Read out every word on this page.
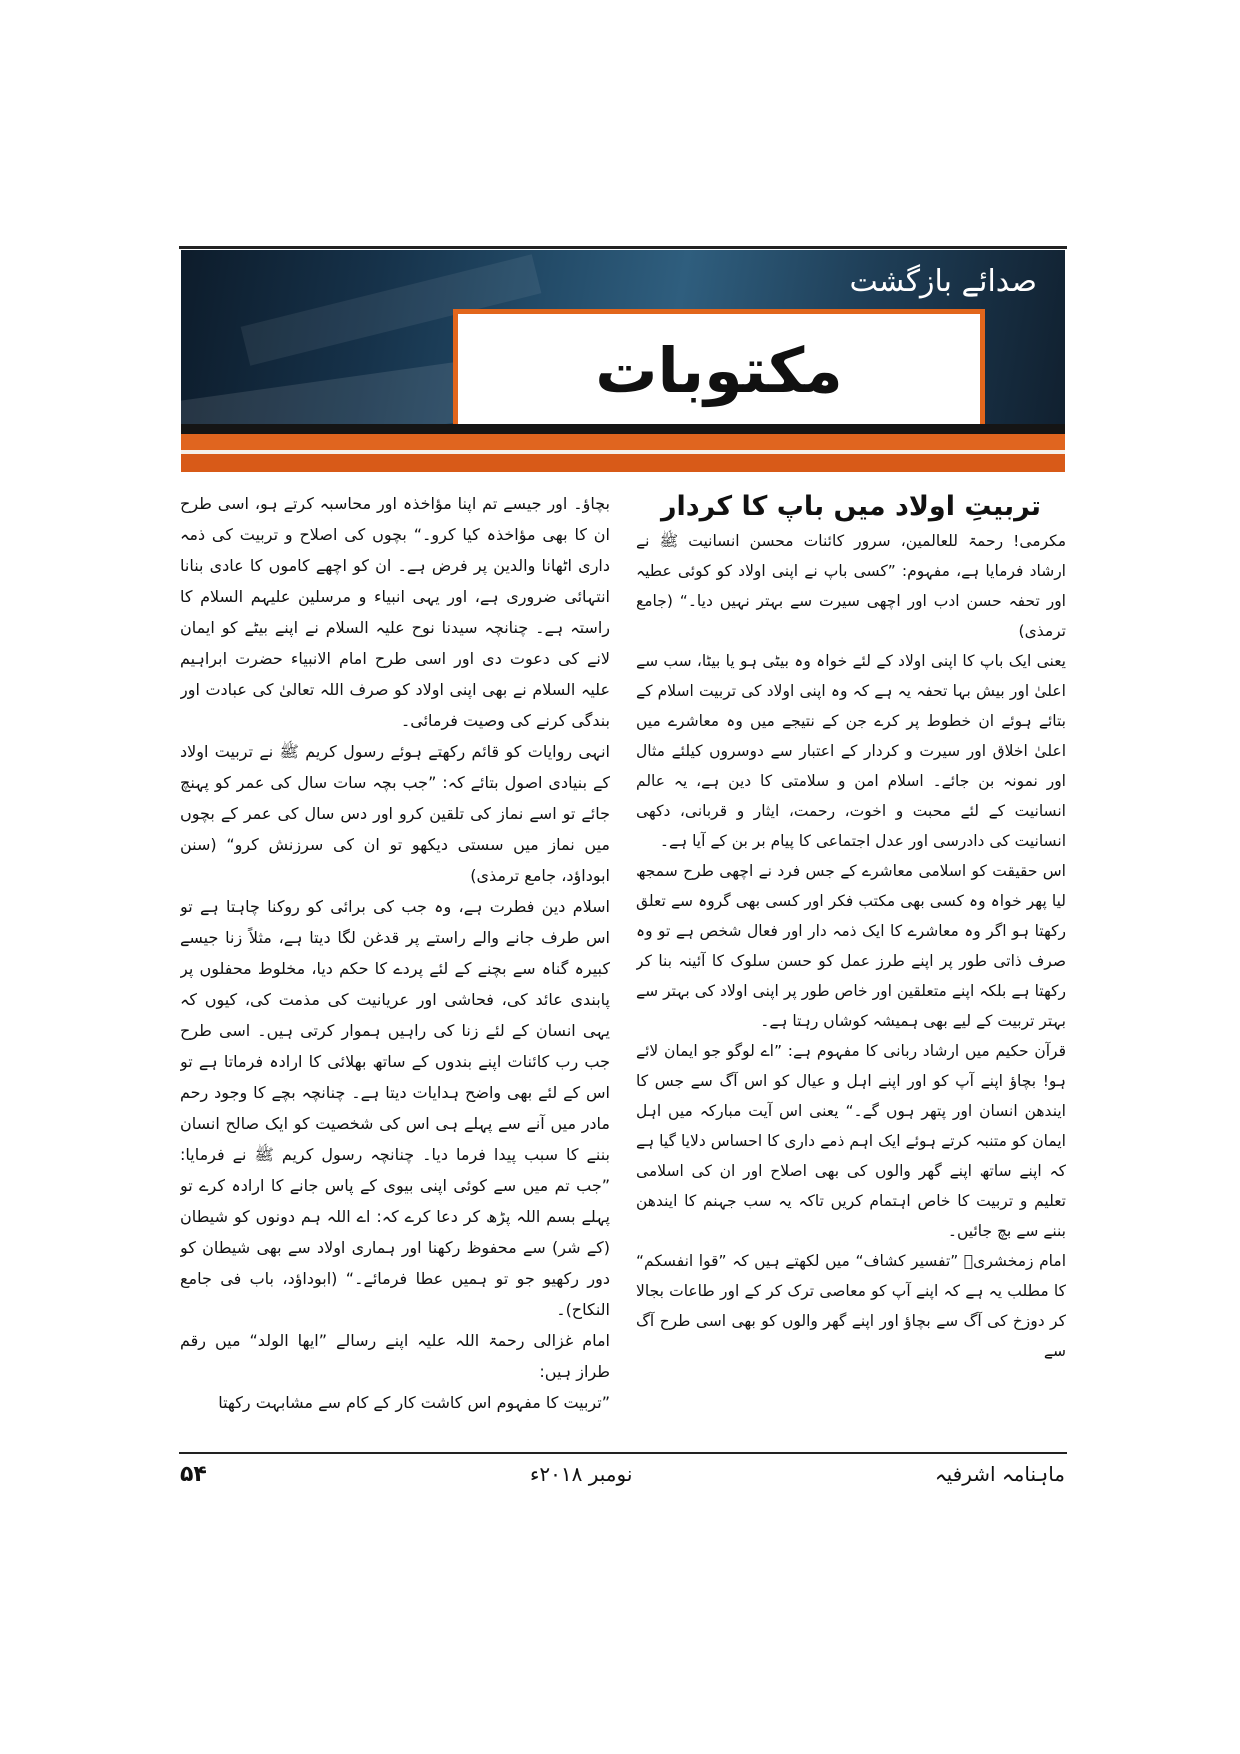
صدائے بازگشت
مکتوبات

تربیتِ اولاد میں باپ کا کردار

مکرمی! رحمۃ للعالمین، سرور کائنات محسن انسانیت ﷺ نے ارشاد فرمایا ہے، مفہوم: ”کسی باپ نے اپنی اولاد کو کوئی عطیہ اور تحفہ حسن ادب اور اچھی سیرت سے بہتر نہیں دیا۔“ (جامع ترمذی)

یعنی ایک باپ کا اپنی اولاد کے لئے خواہ وہ بیٹی ہو یا بیٹا، سب سے اعلیٰ اور بیش بہا تحفہ یہ ہے کہ وہ اپنی اولاد کی تربیت اسلام کے بتائے ہوئے ان خطوط پر کرے جن کے نتیجے میں وہ معاشرے میں اعلیٰ اخلاق اور سیرت و کردار کے اعتبار سے دوسروں کیلئے مثال اور نمونہ بن جائے۔ اسلام امن و سلامتی کا دین ہے، یہ عالم انسانیت کے لئے محبت و اخوت، رحمت، ایثار و قربانی، دکھی انسانیت کی دادرسی اور عدل اجتماعی کا پیام بر بن کے آیا ہے۔

اس حقیقت کو اسلامی معاشرے کے جس فرد نے اچھی طرح سمجھ لیا پھر خواہ وہ کسی بھی مکتب فکر اور کسی بھی گروہ سے تعلق رکھتا ہو اگر وہ معاشرے کا ایک ذمہ دار اور فعال شخص ہے تو وہ صرف ذاتی طور پر اپنے طرز عمل کو حسن سلوک کا آئینہ بنا کر رکھتا ہے بلکہ اپنے متعلقین اور خاص طور پر اپنی اولاد کی بہتر سے بہتر تربیت کے لیے بھی ہمیشہ کوشاں رہتا ہے۔

قرآن حکیم میں ارشاد ربانی کا مفہوم ہے: ”اے لوگو جو ایمان لائے ہو! بچاؤ اپنے آپ کو اور اپنے اہل و عیال کو اس آگ سے جس کا ایندھن انسان اور پتھر ہوں گے۔“ یعنی اس آیت مبارکہ میں اہل ایمان کو متنبہ کرتے ہوئے ایک اہم ذمے داری کا احساس دلایا گیا ہے کہ اپنے ساتھ اپنے گھر والوں کی بھی اصلاح اور ان کی اسلامی تعلیم و تربیت کا خاص اہتمام کریں تاکہ یہ سب جہنم کا ایندھن بننے سے بچ جائیں۔

امام زمخشریؒ ”تفسیر کشاف“ میں لکھتے ہیں کہ ”قوا انفسکم“ کا مطلب یہ ہے کہ اپنے آپ کو معاصی ترک کر کے اور طاعات بجالا کر دوزخ کی آگ سے بچاؤ اور اپنے گھر والوں کو بھی اسی طرح آگ سے

بچاؤ۔ اور جیسے تم اپنا مؤاخذہ اور محاسبہ کرتے ہو، اسی طرح ان کا بھی مؤاخذہ کیا کرو۔“ بچوں کی اصلاح و تربیت کی ذمہ داری اٹھانا والدین پر فرض ہے۔ ان کو اچھے کاموں کا عادی بنانا انتہائی ضروری ہے، اور یہی انبیاء و مرسلین علیہم السلام کا راستہ ہے۔ چنانچہ سیدنا نوح علیہ السلام نے اپنے بیٹے کو ایمان لانے کی دعوت دی اور اسی طرح امام الانبیاء حضرت ابراہیم علیہ السلام نے بھی اپنی اولاد کو صرف اللہ تعالیٰ کی عبادت اور بندگی کرنے کی وصیت فرمائی۔

انہی روایات کو قائم رکھتے ہوئے رسول کریم ﷺ نے تربیت اولاد کے بنیادی اصول بتائے کہ: ”جب بچہ سات سال کی عمر کو پہنچ جائے تو اسے نماز کی تلقین کرو اور دس سال کی عمر کے بچوں میں نماز میں سستی دیکھو تو ان کی سرزنش کرو“ (سنن ابوداؤد، جامع ترمذی)

اسلام دین فطرت ہے، وہ جب کی برائی کو روکنا چاہتا ہے تو اس طرف جانے والے راستے پر قدغن لگا دیتا ہے، مثلاً زنا جیسے کبیرہ گناہ سے بچنے کے لئے پردے کا حکم دیا، مخلوط محفلوں پر پابندی عائد کی، فحاشی اور عریانیت کی مذمت کی، کیوں کہ یہی انسان کے لئے زنا کی راہیں ہموار کرتی ہیں۔ اسی طرح جب رب کائنات اپنے بندوں کے ساتھ بھلائی کا ارادہ فرماتا ہے تو اس کے لئے بھی واضح ہدایات دیتا ہے۔ چنانچہ بچے کا وجود رحم مادر میں آنے سے پہلے ہی اس کی شخصیت کو ایک صالح انسان بننے کا سبب پیدا فرما دیا۔ چنانچہ رسول کریم ﷺ نے فرمایا: ”جب تم میں سے کوئی اپنی بیوی کے پاس جانے کا ارادہ کرے تو پہلے بسم اللہ پڑھ کر دعا کرے کہ: اے اللہ ہم دونوں کو شیطان (کے شر) سے محفوظ رکھنا اور ہماری اولاد سے بھی شیطان کو دور رکھیو جو تو ہمیں عطا فرمائے۔“ (ابوداؤد، باب فی جامع النکاح)۔

امام غزالی رحمۃ اللہ علیہ اپنے رسالے ”ایھا الولد“ میں رقم طراز ہیں:

”تربیت کا مفہوم اس کاشت کار کے کام سے مشابہت رکھتا

۵۴	نومبر ۲۰۱۸ء	ماہنامہ اشرفیہ
